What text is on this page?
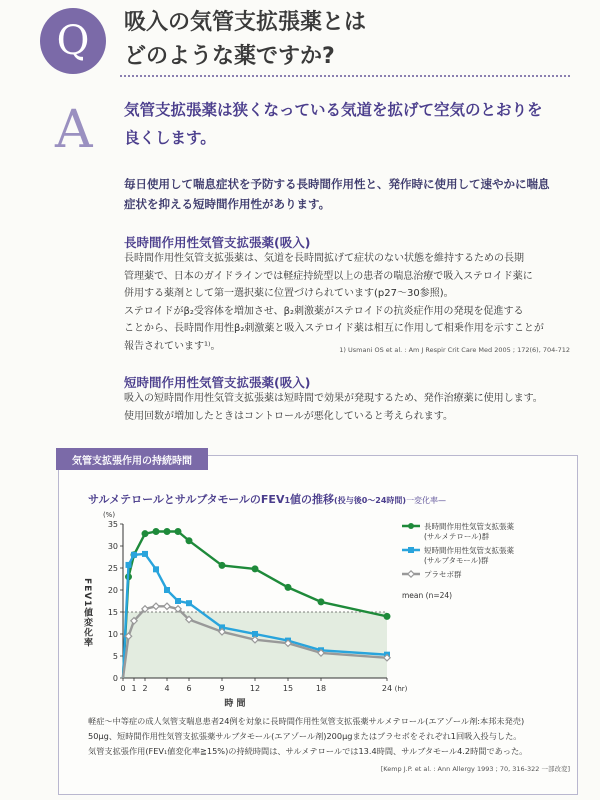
Q	吸入の気管支拡張薬とは
どのような薬ですか?
A 気管支拡張薬は狭くなっている気道を拡げて空気のとおりを
良くします。
毎日使用して喘息症状を予防する長時間作用性と、発作時に使用して速やかに喘息
症状を抑える短時間作用性があります。
長時間作用性気管支拡張薬(吸入)
長時間作用性気管支拡張薬は、気道を長時間拡げて症状のない状態を維持するための長期
管理薬で、日本のガイドラインでは軽症持続型以上の患者の喘息治療で吸入ステロイド薬に
併用する薬剤として第一選択薬に位置づけられています(p27〜30参照)。
ステロイドがβ₂受容体を増加させ、β₂刺激薬がステロイドの抗炎症作用の発現を促進する
ことから、長時間作用性β₂刺激薬と吸入ステロイド薬は相互に作用して相乗作用を示すことが
報告されています¹⁾。	1) Usmani OS et al. : Am J Respir Crit Care Med 2005 ; 172(6), 704-712
短時間作用性気管支拡張薬(吸入)
吸入の短時間作用性気管支拡張薬は短時間で効果が発現するため、発作治療薬に使用します。
使用回数が増加したときはコントロールが悪化していると考えられます。
気管支拡張作用の持続時間
サルメテロールとサルブタモールのFEV1値の推移(投与後0〜24時間)一変化率—
0
5
10
15
20
25
30
35
(%)
0 1 2 4 6	9	12	15	18	24 (hr)
時 間
FEV1値変化率
長時間作用性気管支拡張薬
(サルメテロール)群
短時間作用性気管支拡張薬
(サルブタモール)群
プラセボ群
mean (n=24)
軽症〜中等症の成人気管支喘息患者24例を対象に長時間作用性気管支拡張薬サルメテロール(エアゾール剤:本邦未発売)
50μg、短時間作用性気管支拡張薬サルブタモール(エアゾール剤)200μgまたはプラセボをそれぞれ1回吸入投与した。
気管支拡張作用(FEV₁値変化率≧15%)の持続時間は、サルメテロールでは13.4時間、サルブタモール4.2時間であった。
[Kemp J.P. et al. : Ann Allergy 1993 ; 70, 316-322 一部改変]
